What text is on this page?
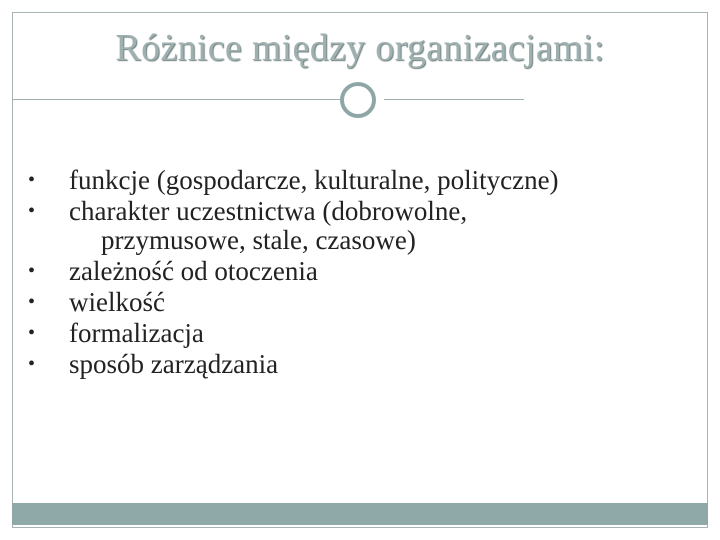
Różnice między organizacjami:
•	funkcje (gospodarcze, kulturalne, polityczne)
•	charakter uczestnictwa (dobrowolne,
przymusowe, stale, czasowe)
•	zależność od otoczenia
•	wielkość
•	formalizacja
•	sposób zarządzania
